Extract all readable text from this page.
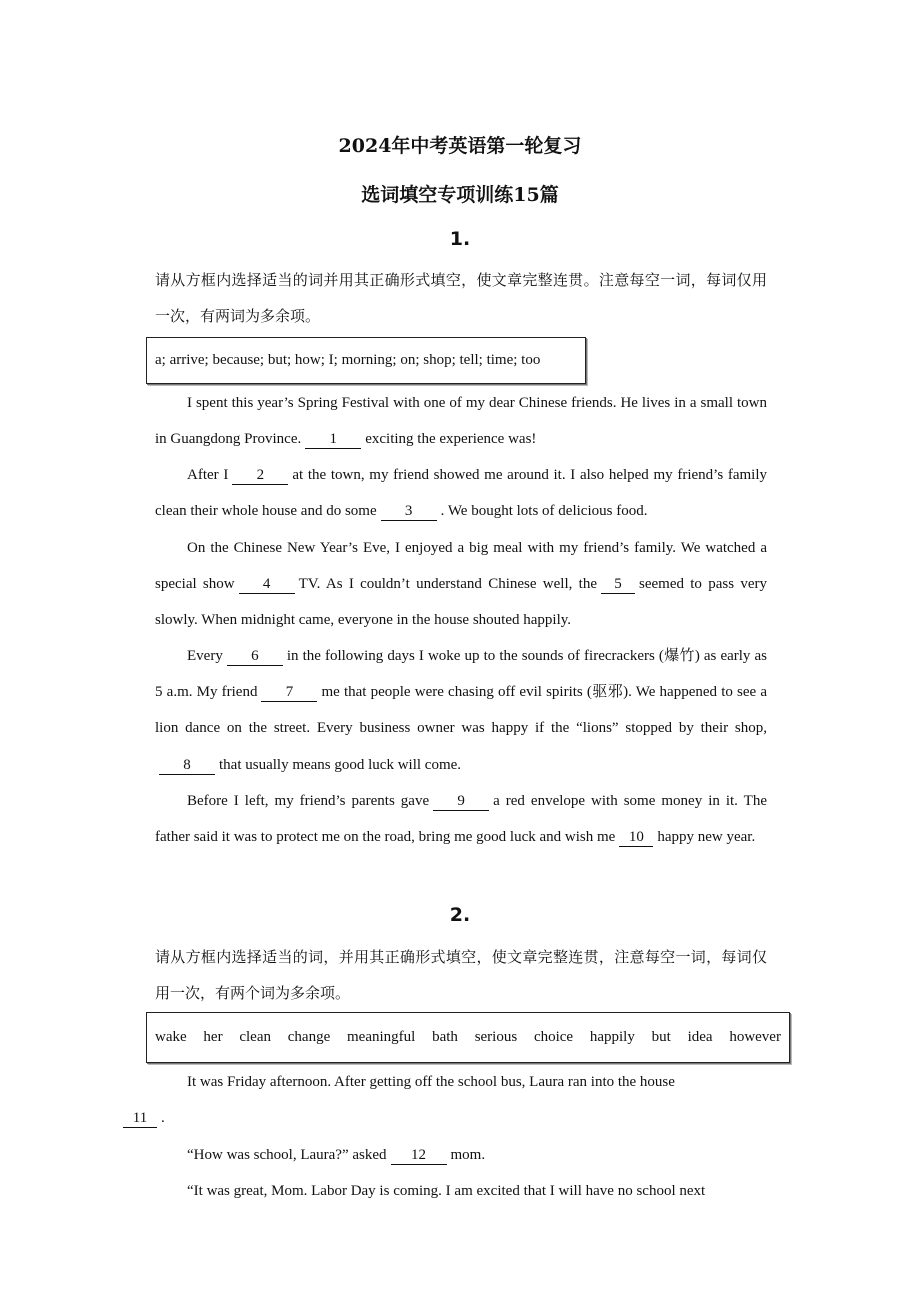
2024年中考英语第一轮复习
选词填空专项训练15篇
1.
请从方框内选择适当的词并用其正确形式填空，使文章完整连贯。注意每空一词，每词仅用一次，有两词为多余项。
a; arrive; because; but; how; I; morning; on; shop; tell; time; too

I spent this year’s Spring Festival with one of my dear Chinese friends. He lives in a small town in Guangdong Province. 1 exciting the experience was!

After I 2 at the town, my friend showed me around it. I also helped my friend’s family clean their whole house and do some 3 . We bought lots of delicious food.

On the Chinese New Year’s Eve, I enjoyed a big meal with my friend’s family. We watched a special show 4 TV. As I couldn’t understand Chinese well, the 5 seemed to pass very slowly. When midnight came, everyone in the house shouted happily.

Every 6 in the following days I woke up to the sounds of firecrackers (爆竹) as early as 5 a.m. My friend 7 me that people were chasing off evil spirits (驱邪). We happened to see a lion dance on the street. Every business owner was happy if the “lions” stopped by their shop,8 that usually means good luck will come.

Before I left, my friend’s parents gave 9 a red envelope with some money in it. The father said it was to protect me on the road, bring me good luck and wish me 10 happy new year.

2.
请从方框内选择适当的词，并用其正确形式填空，使文章完整连贯，注意每空一词，每词仅用一次，有两个词为多余项。
wake her clean change meaningful bath serious choice happily but idea however

It was Friday afternoon. After getting off the school bus, Laura ran into the house
11 .

“How was school, Laura?” asked 12 mom.

“It was great, Mom. Labor Day is coming. I am excited that I will have no school next
